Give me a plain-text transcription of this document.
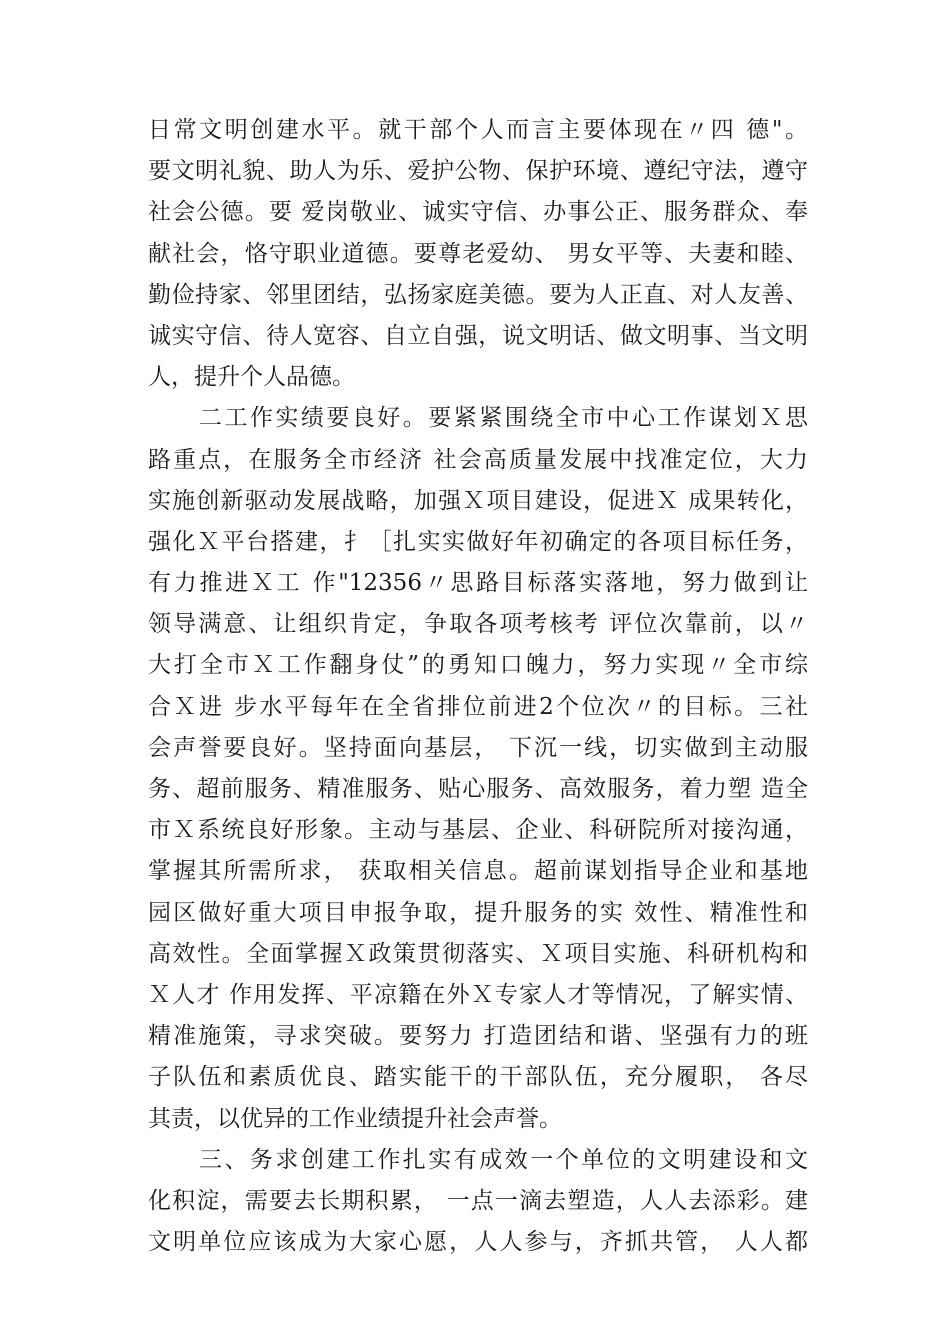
日常文明创建水平。就干部个人而言主要体现在〃四 德"。
要文明礼貌、助人为乐、爱护公物、保护环境、遵纪守法，遵守
社会公德。要 爱岗敬业、诚实守信、办事公正、服务群众、奉
献社会，恪守职业道德。要尊老爱幼、 男女平等、夫妻和睦、
勤俭持家、邻里团结，弘扬家庭美德。要为人正直、对人友善、
诚实守信、待人宽容、自立自强，说文明话、做文明事、当文明
人，提升个人品德。
　　二工作实绩要良好。要紧紧围绕全市中心工作谋划Ｘ思
路重点，在服务全市经济 社会高质量发展中找准定位，大力
实施创新驱动发展战略，加强Ｘ项目建设，促进Ｘ 成果转化，
强化Ｘ平台搭建，扌［扎实实做好年初确定的各项目标任务，
有力推进Ｘ工 作"12356〃思路目标落实落地，努力做到让
领导满意、让组织肯定，争取各项考核考 评位次靠前，以〃
大打全市Ｘ工作翻身仗”的勇知口魄力，努力实现〃全市综
合Ｘ进 步水平每年在全省排位前进2个位次〃的目标。三社
会声誉要良好。坚持面向基层， 下沉一线，切实做到主动服
务、超前服务、精准服务、贴心服务、高效服务，着力塑 造全
市Ｘ系统良好形象。主动与基层、企业、科研院所对接沟通，
掌握其所需所求， 获取相关信息。超前谋划指导企业和基地
园区做好重大项目申报争取，提升服务的实 效性、精准性和
高效性。全面掌握Ｘ政策贯彻落实、Ｘ项目实施、科研机构和
Ｘ人才 作用发挥、平凉籍在外Ｘ专家人才等情况，了解实情、
精准施策，寻求突破。要努力 打造团结和谐、坚强有力的班
子队伍和素质优良、踏实能干的干部队伍，充分履职， 各尽
其责，以优异的工作业绩提升社会声誉。
　　三、务求创建工作扎实有成效一个单位的文明建设和文
化积淀，需要去长期积累， 一点一滴去塑造，人人去添彩。建
文明单位应该成为大家心愿，人人参与，齐抓共管， 人人都
